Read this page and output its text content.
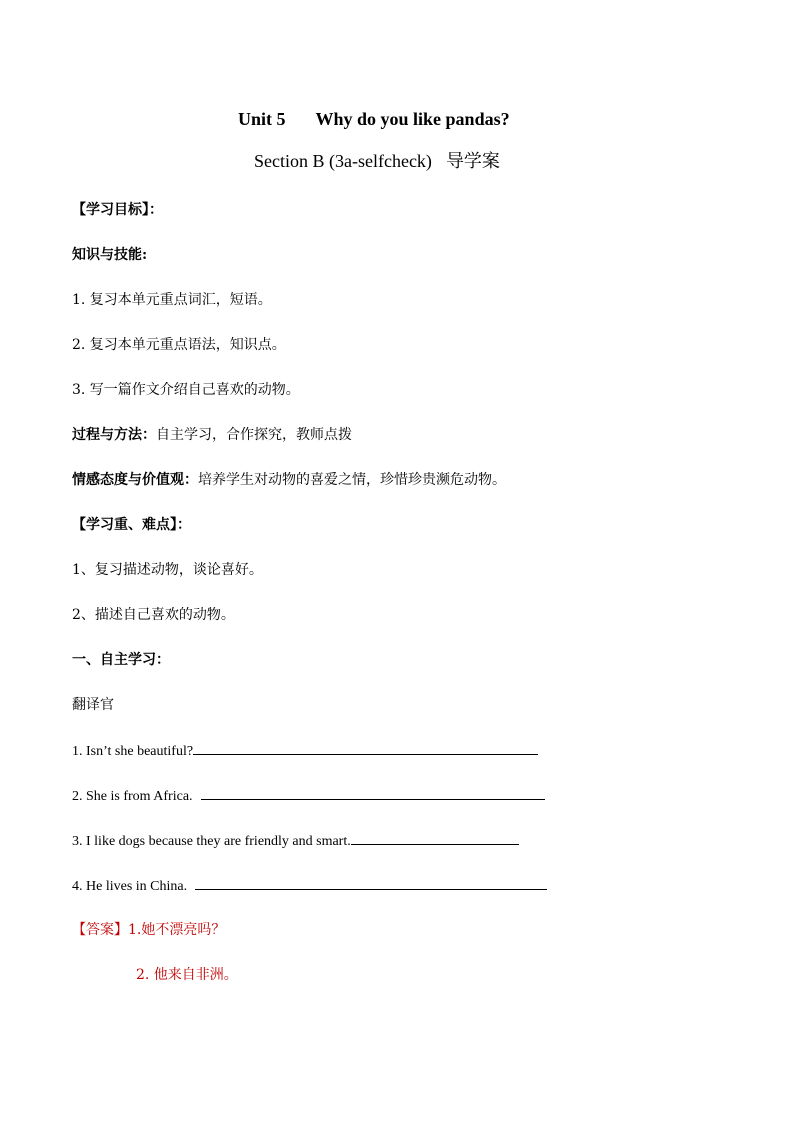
Unit 5 Why do you like pandas?
Section B (3a-selfcheck) 导学案
【学习目标】：
知识与技能:
1. 复习本单元重点词汇，短语。
2. 复习本单元重点语法，知识点。
3. 写一篇作文介绍自己喜欢的动物。
过程与方法：自主学习，合作探究，教师点拨
情感态度与价值观：培养学生对动物的喜爱之情，珍惜珍贵濒危动物。
【学习重、难点】：
1、复习描述动物，谈论喜好。
2、描述自己喜欢的动物。
一、自主学习：
翻译官
1. Isn’t she beautiful?
2. She is from Africa.
3. I like dogs because they are friendly and smart.
4. He lives in China.
【答案】1.她不漂亮吗？
2. 他来自非洲。
